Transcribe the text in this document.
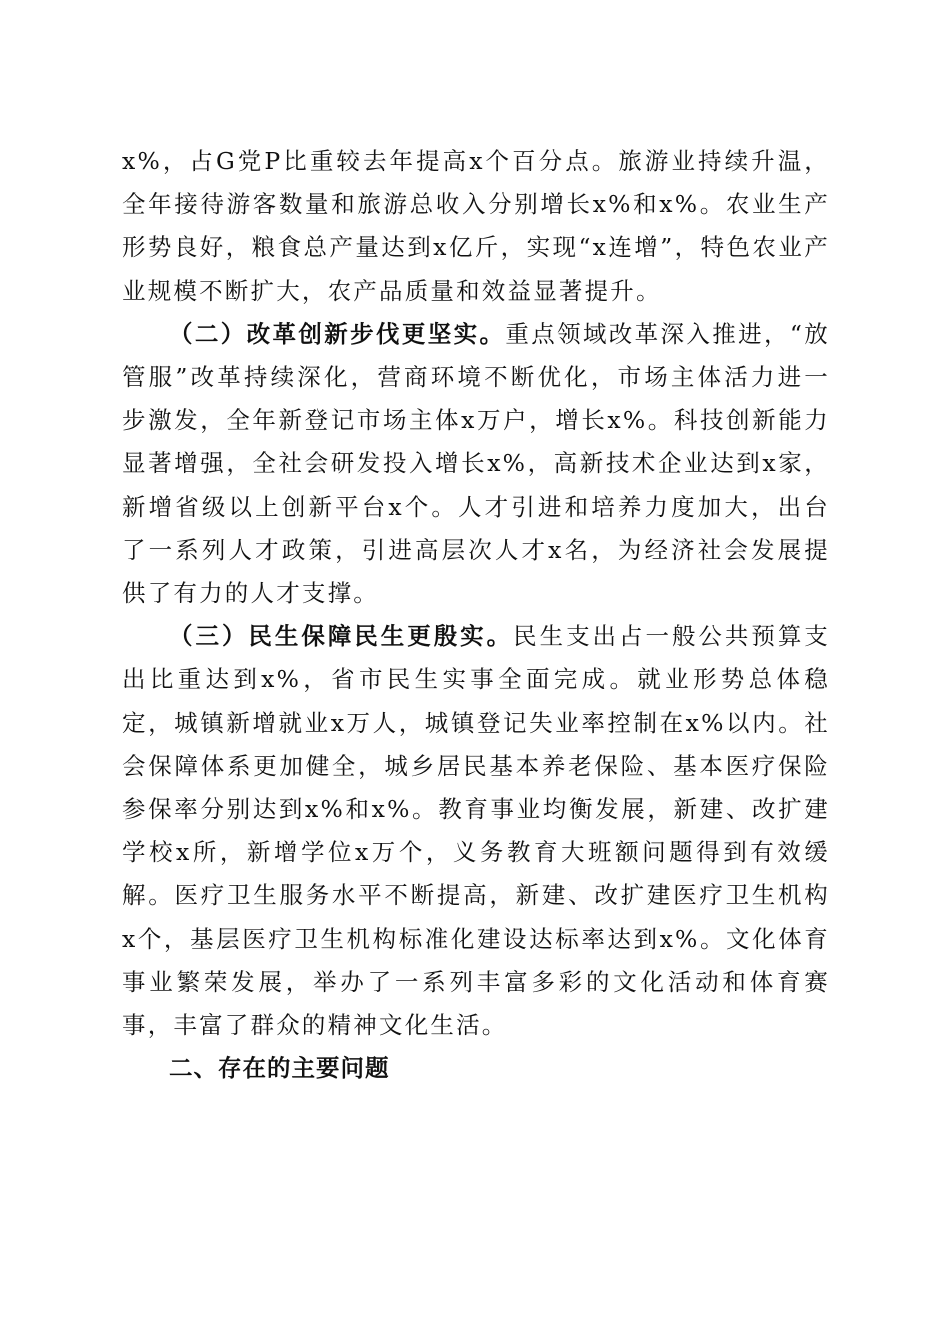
x%，占G党P比重较去年提高x个百分点。旅游业持续升温，全年接待游客数量和旅游总收入分别增长x%和x%。农业生产形势良好，粮食总产量达到x亿斤，实现“x连增”，特色农业产业规模不断扩大，农产品质量和效益显著提升。

（二）改革创新步伐更坚实。重点领域改革深入推进，“放管服”改革持续深化，营商环境不断优化，市场主体活力进一步激发，全年新登记市场主体x万户，增长x%。科技创新能力显著增强，全社会研发投入增长x%，高新技术企业达到x家，新增省级以上创新平台x个。人才引进和培养力度加大，出台了一系列人才政策，引进高层次人才x名，为经济社会发展提供了有力的人才支撑。

（三）民生保障民生更殷实。民生支出占一般公共预算支出比重达到x%，省市民生实事全面完成。就业形势总体稳定，城镇新增就业x万人，城镇登记失业率控制在x%以内。社会保障体系更加健全，城乡居民基本养老保险、基本医疗保险参保率分别达到x%和x%。教育事业均衡发展，新建、改扩建学校x所，新增学位x万个，义务教育大班额问题得到有效缓解。医疗卫生服务水平不断提高，新建、改扩建医疗卫生机构x个，基层医疗卫生机构标准化建设达标率达到x%。文化体育事业繁荣发展，举办了一系列丰富多彩的文化活动和体育赛事，丰富了群众的精神文化生活。

二、存在的主要问题
